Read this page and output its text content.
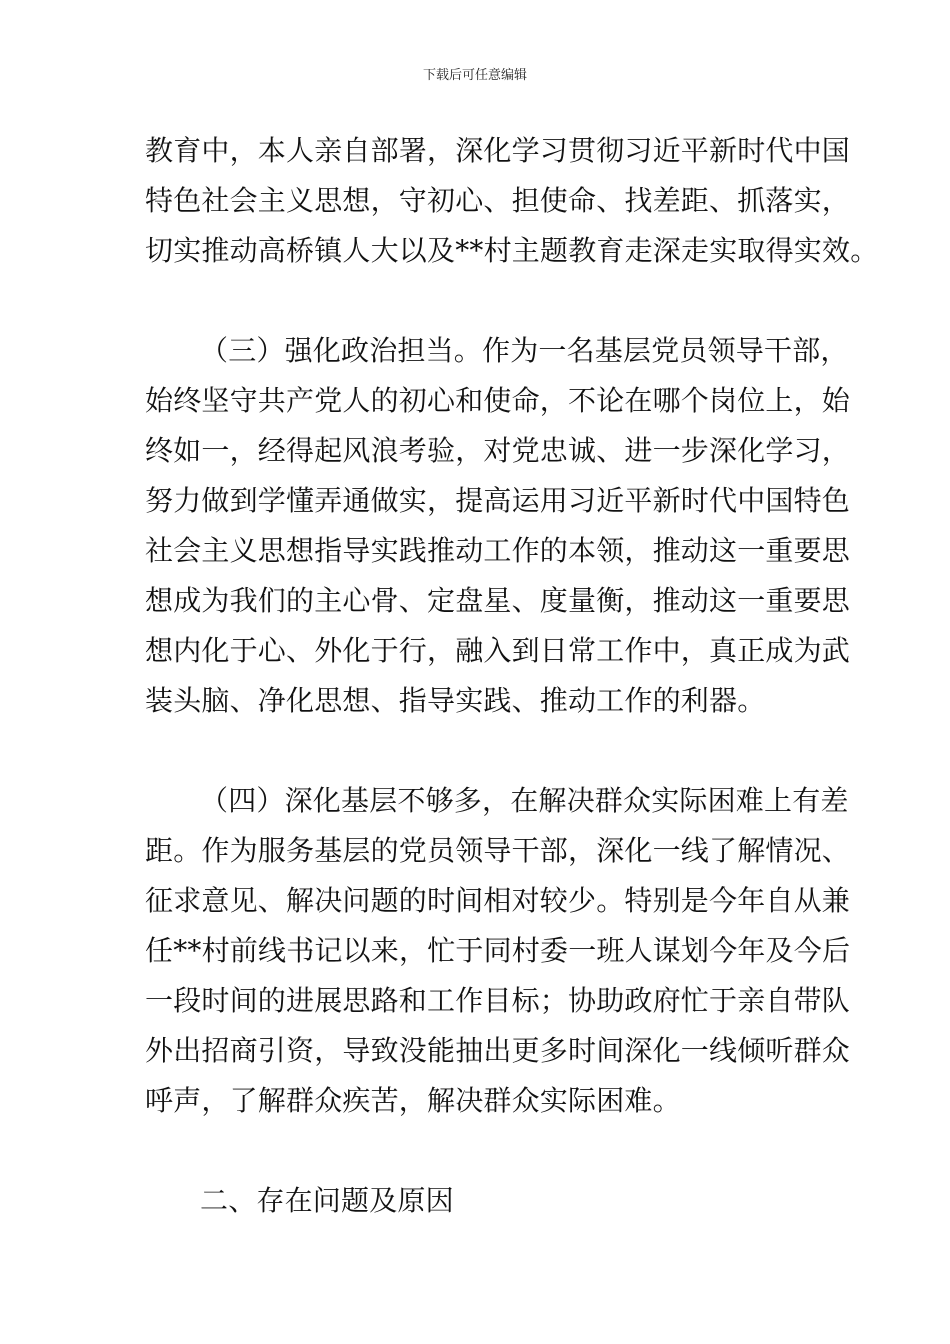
下载后可任意编辑
教育中，本人亲自部署，深化学习贯彻习近平新时代中国
特色社会主义思想，守初心、担使命、找差距、抓落实，
切实推动高桥镇人大以及**村主题教育走深走实取得实效。
（三）强化政治担当。作为一名基层党员领导干部，
始终坚守共产党人的初心和使命，不论在哪个岗位上，始
终如一，经得起风浪考验，对党忠诚、进一步深化学习，
努力做到学懂弄通做实，提高运用习近平新时代中国特色
社会主义思想指导实践推动工作的本领，推动这一重要思
想成为我们的主心骨、定盘星、度量衡，推动这一重要思
想内化于心、外化于行，融入到日常工作中，真正成为武
装头脑、净化思想、指导实践、推动工作的利器。
（四）深化基层不够多，在解决群众实际困难上有差
距。作为服务基层的党员领导干部，深化一线了解情况、
征求意见、解决问题的时间相对较少。特别是今年自从兼
任**村前线书记以来，忙于同村委一班人谋划今年及今后
一段时间的进展思路和工作目标；协助政府忙于亲自带队
外出招商引资，导致没能抽出更多时间深化一线倾听群众
呼声，了解群众疾苦，解决群众实际困难。
二、存在问题及原因
